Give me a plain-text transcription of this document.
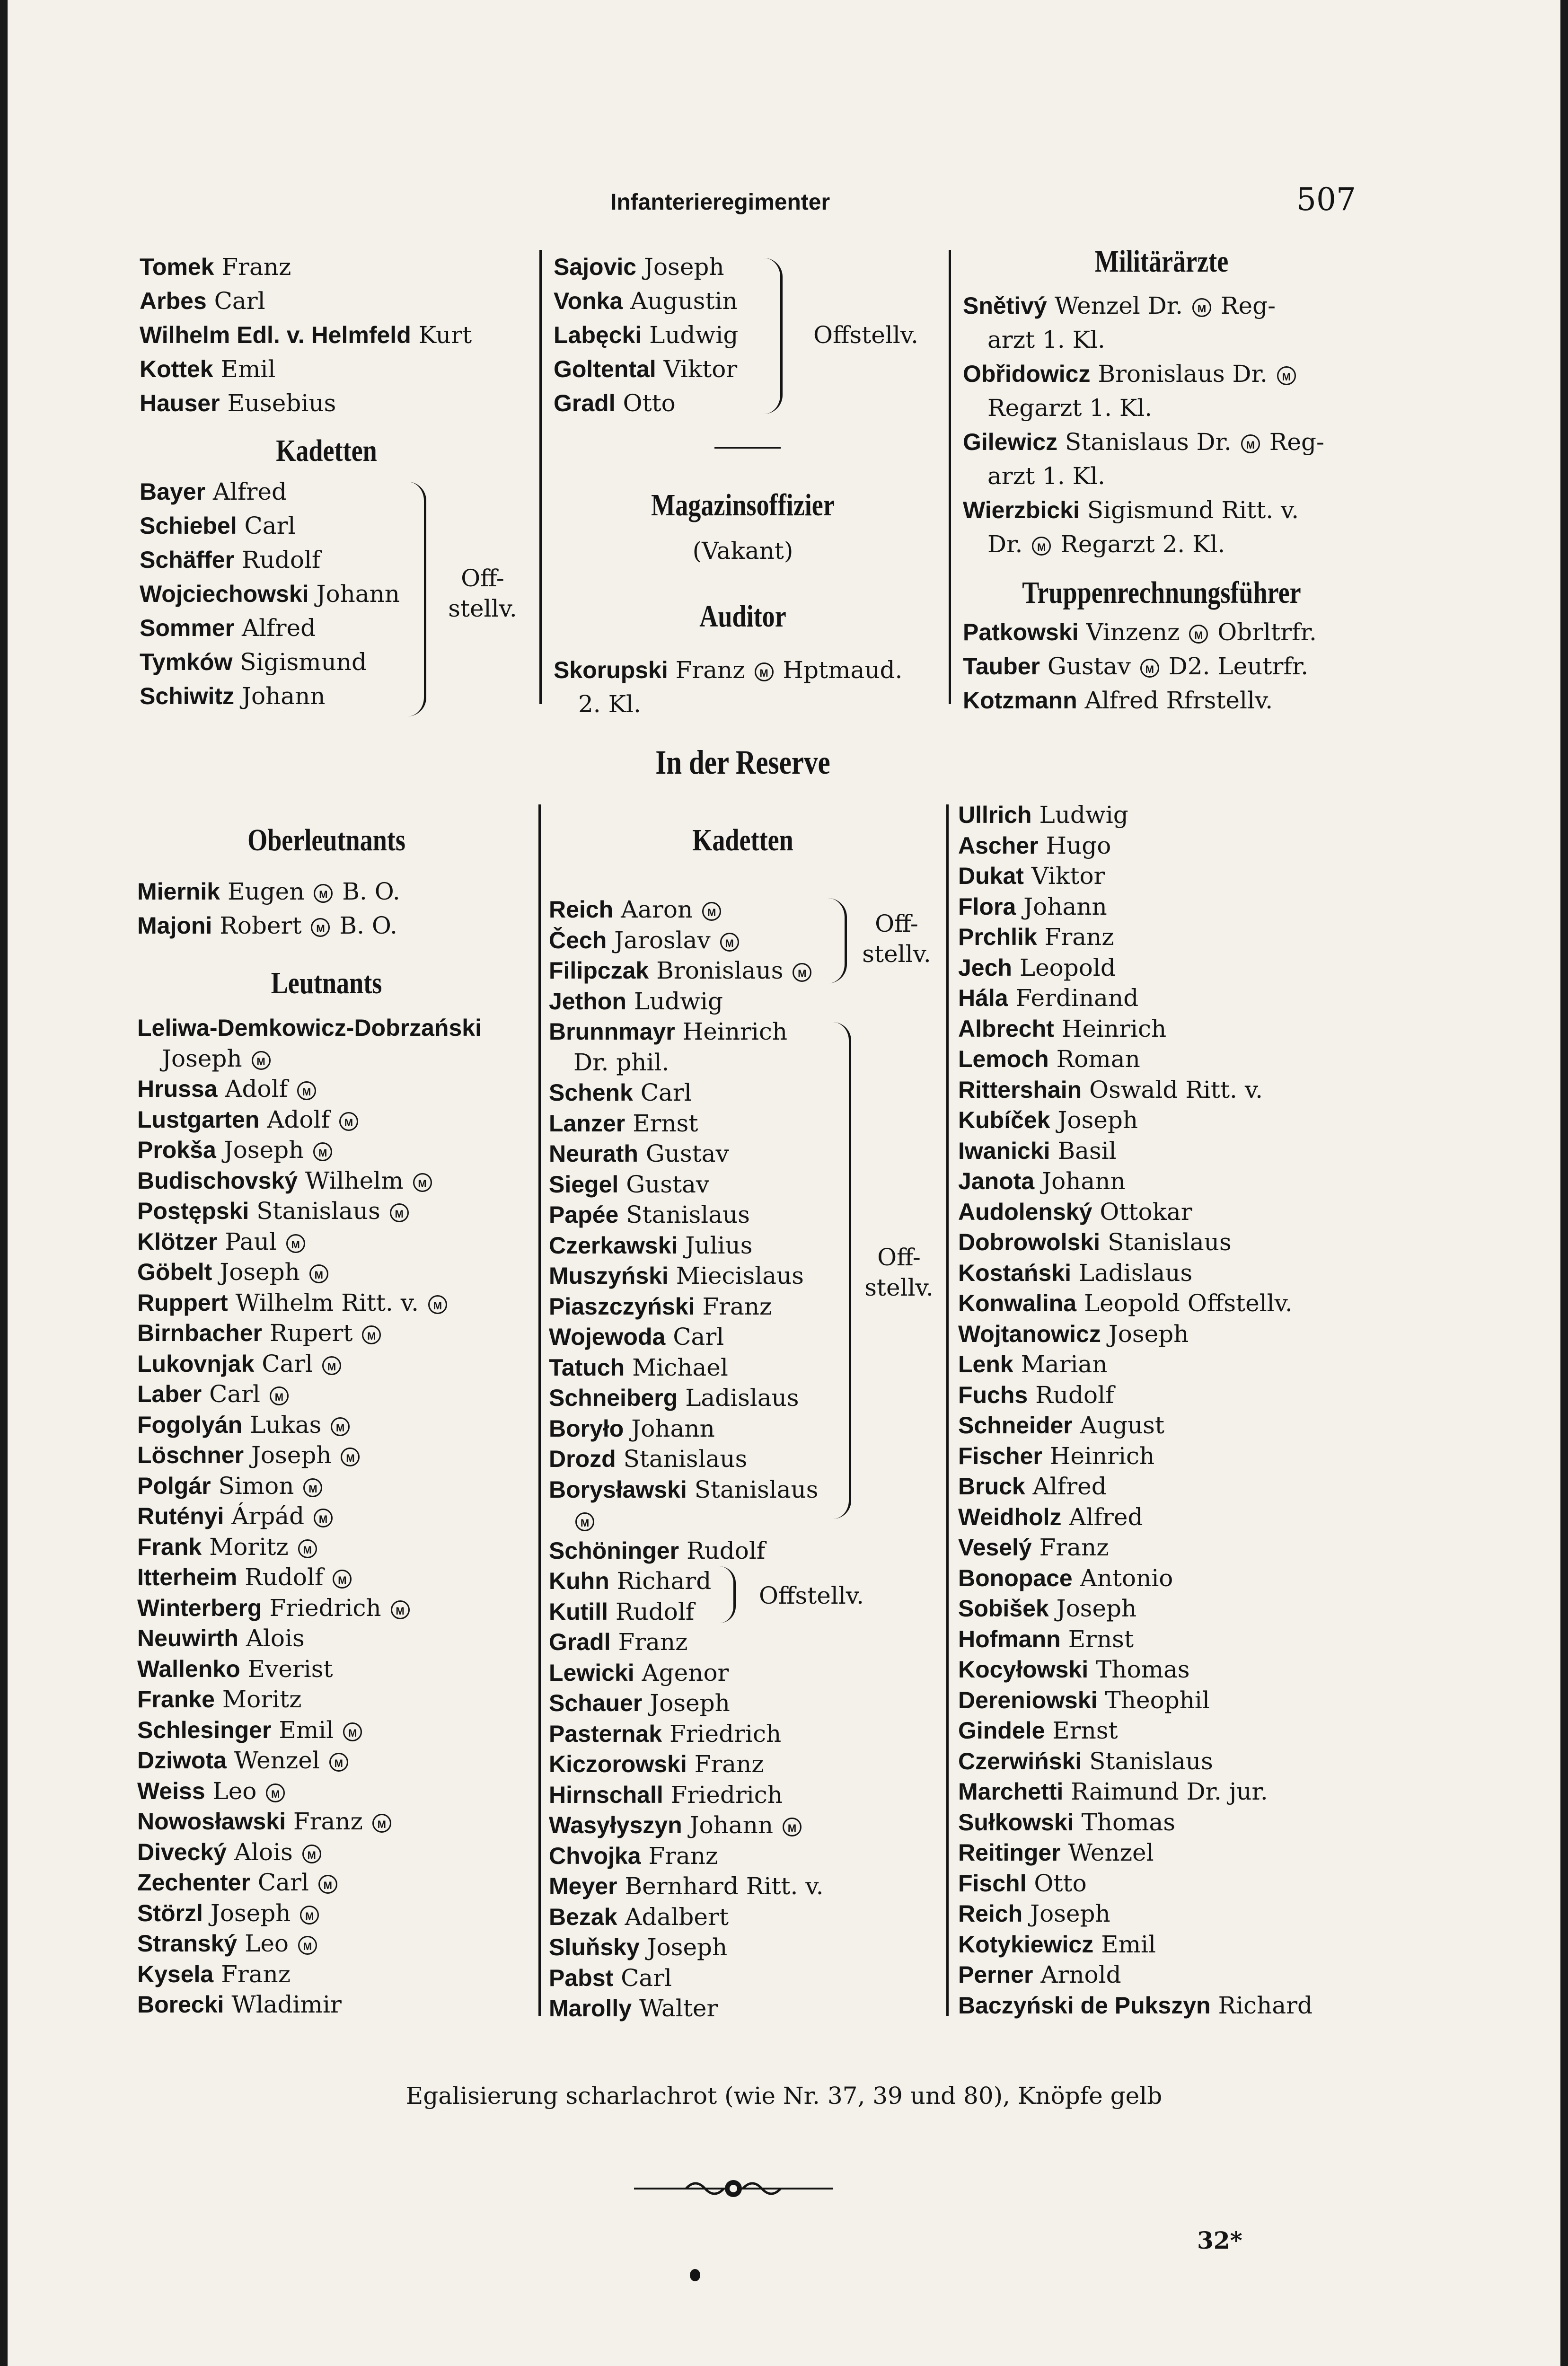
Infanterieregimenter	507
Tomek Franz
Arbes Carl
Wilhelm Edl. v. Helmfeld Kurt
Kottek Emil
Hauser Eusebius
Kadetten
Bayer Alfred
Schiebel Carl
Schäffer Rudolf
Wojciechowski Johann
Sommer Alfred
Tymków Sigismund
Schiwitz Johann
Off-
stellv.
Sajovic Joseph
Vonka Augustin
Labęcki Ludwig
Goltental Viktor
Gradl Otto
Offstellv.
Magazinsoffizier
(Vakant)
Auditor
Skorupski Franz M Hptmaud.
2. Kl.
Militärärzte
Snětivý Wenzel Dr. M Reg-
arzt 1. Kl.
Obřidowicz Bronislaus Dr. M
Regarzt 1. Kl.
Gilewicz Stanislaus Dr. M Reg-
arzt 1. Kl.
Wierzbicki Sigismund Ritt. v.
Dr. M Regarzt 2. Kl.
Truppenrechnungsführer
Patkowski Vinzenz M Obrltrfr.
Tauber Gustav M D2. Leutrfr.
Kotzmann Alfred Rfrstellv.
In der Reserve
Oberleutnants
Miernik Eugen M B. O.
Majoni Robert M B. O.
Leutnants
Leliwa-Demkowicz-Dobrzański
Joseph M
Hrussa Adolf M
Lustgarten Adolf M
Prokša Joseph M
Budischovský Wilhelm M
Postępski Stanislaus M
Klötzer Paul M
Göbelt Joseph M
Ruppert Wilhelm Ritt. v. M
Birnbacher Rupert M
Lukovnjak Carl M
Laber Carl M
Fogolyán Lukas M
Löschner Joseph M
Polgár Simon M
Rutényi Árpád M
Frank Moritz M
Itterheim Rudolf M
Winterberg Friedrich M
Neuwirth Alois
Wallenko Everist
Franke Moritz
Schlesinger Emil M
Dziwota Wenzel M
Weiss Leo M
Nowosławski Franz M
Divecký Alois M
Zechenter Carl M
Störzl Joseph M
Stranský Leo M
Kysela Franz
Borecki Wladimir
Kadetten
Reich Aaron M
Čech Jaroslav M
Filipczak Bronislaus M
Jethon Ludwig
Brunnmayr Heinrich
Dr. phil.
Schenk Carl
Lanzer Ernst
Neurath Gustav
Siegel Gustav
Papée Stanislaus
Czerkawski Julius
Muszyński Miecislaus
Piaszczyński Franz
Wojewoda Carl
Tatuch Michael
Schneiberg Ladislaus
Boryło Johann
Drozd Stanislaus
Borysławski Stanislaus
M
Schöninger Rudolf
Kuhn Richard
Kutill Rudolf
Gradl Franz
Lewicki Agenor
Schauer Joseph
Pasternak Friedrich
Kiczorowski Franz
Hirnschall Friedrich
Wasyłyszyn Johann M
Chvojka Franz
Meyer Bernhard Ritt. v.
Bezak Adalbert
Sluňsky Joseph
Pabst Carl
Marolly Walter
Off-
stellv.
Off-
stellv.
Offstellv.
Ullrich Ludwig
Ascher Hugo
Dukat Viktor
Flora Johann
Prchlik Franz
Jech Leopold
Hála Ferdinand
Albrecht Heinrich
Lemoch Roman
Rittershain Oswald Ritt. v.
Kubíček Joseph
Iwanicki Basil
Janota Johann
Audolenský Ottokar
Dobrowolski Stanislaus
Kostański Ladislaus
Konwalina Leopold Offstellv.
Wojtanowicz Joseph
Lenk Marian
Fuchs Rudolf
Schneider August
Fischer Heinrich
Bruck Alfred
Weidholz Alfred
Veselý Franz
Bonopace Antonio
Sobišek Joseph
Hofmann Ernst
Kocyłowski Thomas
Dereniowski Theophil
Gindele Ernst
Czerwiński Stanislaus
Marchetti Raimund Dr. jur.
Sułkowski Thomas
Reitinger Wenzel
Fischl Otto
Reich Joseph
Kotykiewicz Emil
Perner Arnold
Baczyński de Pukszyn Richard
Egalisierung scharlachrot (wie Nr. 37, 39 und 80), Knöpfe gelb
32*
